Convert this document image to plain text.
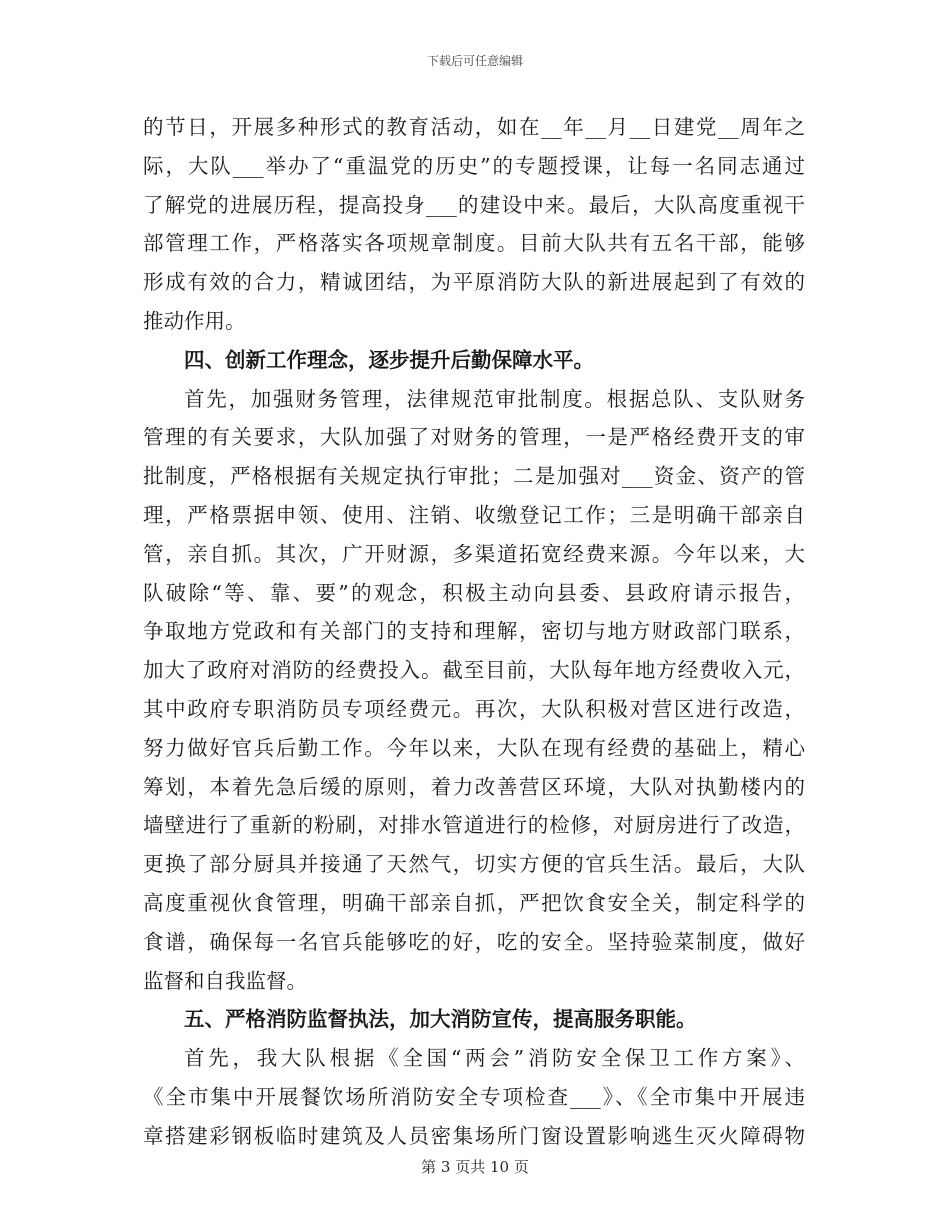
下载后可任意编辑
的节日，开展多种形式的教育活动，如在__年__月__日建党__周年之
际，大队___举办了“重温党的历史”的专题授课，让每一名同志通过
了解党的进展历程，提高投身___的建设中来。最后，大队高度重视干
部管理工作，严格落实各项规章制度。目前大队共有五名干部，能够
形成有效的合力，精诚团结，为平原消防大队的新进展起到了有效的
推动作用。
四、创新工作理念，逐步提升后勤保障水平。
首先，加强财务管理，法律规范审批制度。根据总队、支队财务
管理的有关要求，大队加强了对财务的管理，一是严格经费开支的审
批制度，严格根据有关规定执行审批；二是加强对___资金、资产的管
理，严格票据申领、使用、注销、收缴登记工作；三是明确干部亲自
管，亲自抓。其次，广开财源，多渠道拓宽经费来源。今年以来，大
队破除“等、靠、要”的观念，积极主动向县委、县政府请示报告，
争取地方党政和有关部门的支持和理解，密切与地方财政部门联系，
加大了政府对消防的经费投入。截至目前，大队每年地方经费收入元，
其中政府专职消防员专项经费元。再次，大队积极对营区进行改造，
努力做好官兵后勤工作。今年以来，大队在现有经费的基础上，精心
筹划，本着先急后缓的原则，着力改善营区环境，大队对执勤楼内的
墙壁进行了重新的粉刷，对排水管道进行的检修，对厨房进行了改造，
更换了部分厨具并接通了天然气，切实方便的官兵生活。最后，大队
高度重视伙食管理，明确干部亲自抓，严把饮食安全关，制定科学的
食谱，确保每一名官兵能够吃的好，吃的安全。坚持验菜制度，做好
监督和自我监督。
五、严格消防监督执法，加大消防宣传，提高服务职能。
首先，我大队根据《全国“两会”消防安全保卫工作方案》、
《全市集中开展餐饮场所消防安全专项检查___》、《全市集中开展违
章搭建彩钢板临时建筑及人员密集场所门窗设置影响逃生灭火障碍物
第 3 页共 10 页
